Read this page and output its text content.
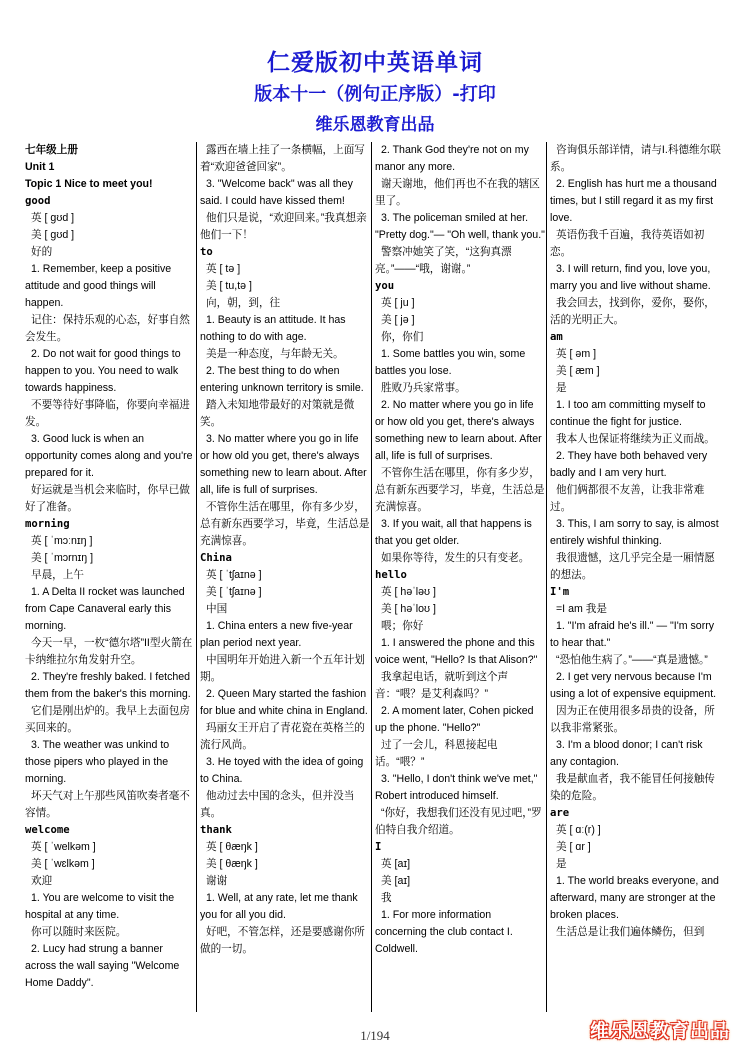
仁爱版初中英语单词
版本十一（例句正序版）-打印
维乐恩教育出品

七年级上册

Unit 1

Topic 1 Nice to meet you!

good

英 [ ɡʊd ]

美 [ ɡʊd ]

好的

1. Remember, keep a positive attitude and good things will happen.

记住：保持乐观的心态，好事自然会发生。

2. Do not wait for good things to happen to you. You need to walk towards happiness.

不要等待好事降临，你要向幸福进发。

3. Good luck is when an opportunity comes along and you're prepared for it.

好运就是当机会来临时，你早已做好了准备。

morning

英 [ ˈmɔːnɪŋ ]

美 [ ˈmɔrnɪŋ ]

早晨，上午

1. A Delta II rocket was launched from Cape Canaveral early this morning.

今天一早，一枚“德尔塔”II型火箭在卡纳维拉尔角发射升空。

2. They're freshly baked. I fetched them from the baker's this morning.

它们是刚出炉的。我早上去面包房买回来的。

3. The weather was unkind to those pipers who played in the morning.

坏天气对上午那些风笛吹奏者毫不容情。

welcome

英 [ ˈwelkəm ]

美 [ ˈwɛlkəm ]

欢迎

1. You are welcome to visit the hospital at any time.

你可以随时来医院。

2. Lucy had strung a banner across the wall saying "Welcome Home Daddy".

露西在墙上挂了一条横幅，上面写着“欢迎爸爸回家”。

3. "Welcome back" was all they said. I could have kissed them!

他们只是说，“欢迎回来。”我真想亲他们一下！

to

英 [ tə ]

美 [ tu,tə ]

向，朝，到，往

1. Beauty is an attitude. It has nothing to do with age.

美是一种态度，与年龄无关。

2. The best thing to do when entering unknown territory is smile.

踏入未知地带最好的对策就是微笑。

3. No matter where you go in life or how old you get, there's always something new to learn about. After all, life is full of surprises.

不管你生活在哪里，你有多少岁，总有新东西要学习，毕竟，生活总是充满惊喜。

China

英 [ ˈtʃaɪnə ]

美 [ ˈtʃaɪnə ]

中国

1. China enters a new five-year plan period next year.

中国明年开始进入新一个五年计划期。

2. Queen Mary started the fashion for blue and white china in England.

玛丽女王开启了青花瓷在英格兰的流行风尚。

3. He toyed with the idea of going to China.

他动过去中国的念头，但并没当真。

thank

英 [ θæŋk ]

美 [ θæŋk ]

谢谢

1. Well, at any rate, let me thank you for all you did.

好吧，不管怎样，还是要感谢你所做的一切。

2. Thank God they're not on my manor any more.

谢天谢地，他们再也不在我的辖区里了。

3. The policeman smiled at her. "Pretty dog."— "Oh well, thank you."

警察冲她笑了笑，“这狗真漂亮。”——“哦，谢谢。”

you

英 [ ju ]

美 [ jə ]

你，你们

1. Some battles you win, some battles you lose.

胜败乃兵家常事。

2. No matter where you go in life or how old you get, there's always something new to learn about. After all, life is full of surprises.

不管你生活在哪里，你有多少岁，总有新东西要学习，毕竟，生活总是充满惊喜。

3. If you wait, all that happens is that you get older.

如果你等待，发生的只有变老。

hello

英 [ həˈləʊ ]

美 [ həˈloʊ ]

喂；你好

1. I answered the phone and this voice went, "Hello? Is that Alison?"

我拿起电话，就听到这个声音：“喂？是艾利森吗？”

2. A moment later, Cohen picked up the phone. "Hello?"

过了一会儿，科恩接起电话。“喂？”

3. "Hello, I don't think we've met," Robert introduced himself.

“你好，我想我们还没有见过吧，”罗伯特自我介绍道。

I

英 [aɪ]

美 [aɪ]

我

1. For more information concerning the club contact I. Coldwell.

咨询俱乐部详情，请与I.科德维尔联系。

2. English has hurt me a thousand times, but I still regard it as my first love.

英语伤我千百遍，我待英语如初恋。

3. I will return, find you, love you, marry you and live without shame.

我会回去，找到你，爱你，娶你，活的光明正大。

am

英 [ əm ]

美 [ æm ]

是

1. I too am committing myself to continue the fight for justice.

我本人也保证将继续为正义而战。

2. They have both behaved very badly and I am very hurt.

他们俩都很不友善，让我非常难过。

3. This, I am sorry to say, is almost entirely wishful thinking.

我很遗憾，这几乎完全是一厢情愿的想法。

I'm

=I am 我是

1. "I'm afraid he's ill." — "I'm sorry to hear that."

“恐怕他生病了。”——“真是遗憾。”

2. I get very nervous because I'm using a lot of expensive equipment.

因为正在使用很多昂贵的设备，所以我非常紧张。

3. I'm a blood donor; I can't risk any contagion.

我是献血者，我不能冒任何接触传染的危险。

are

英 [ ɑː(r) ]

美 [ ɑr ]

是

1. The world breaks everyone, and afterward, many are stronger at the broken places.

生活总是让我们遍体鳞伤，但到

1/194	维乐恩教育出品
